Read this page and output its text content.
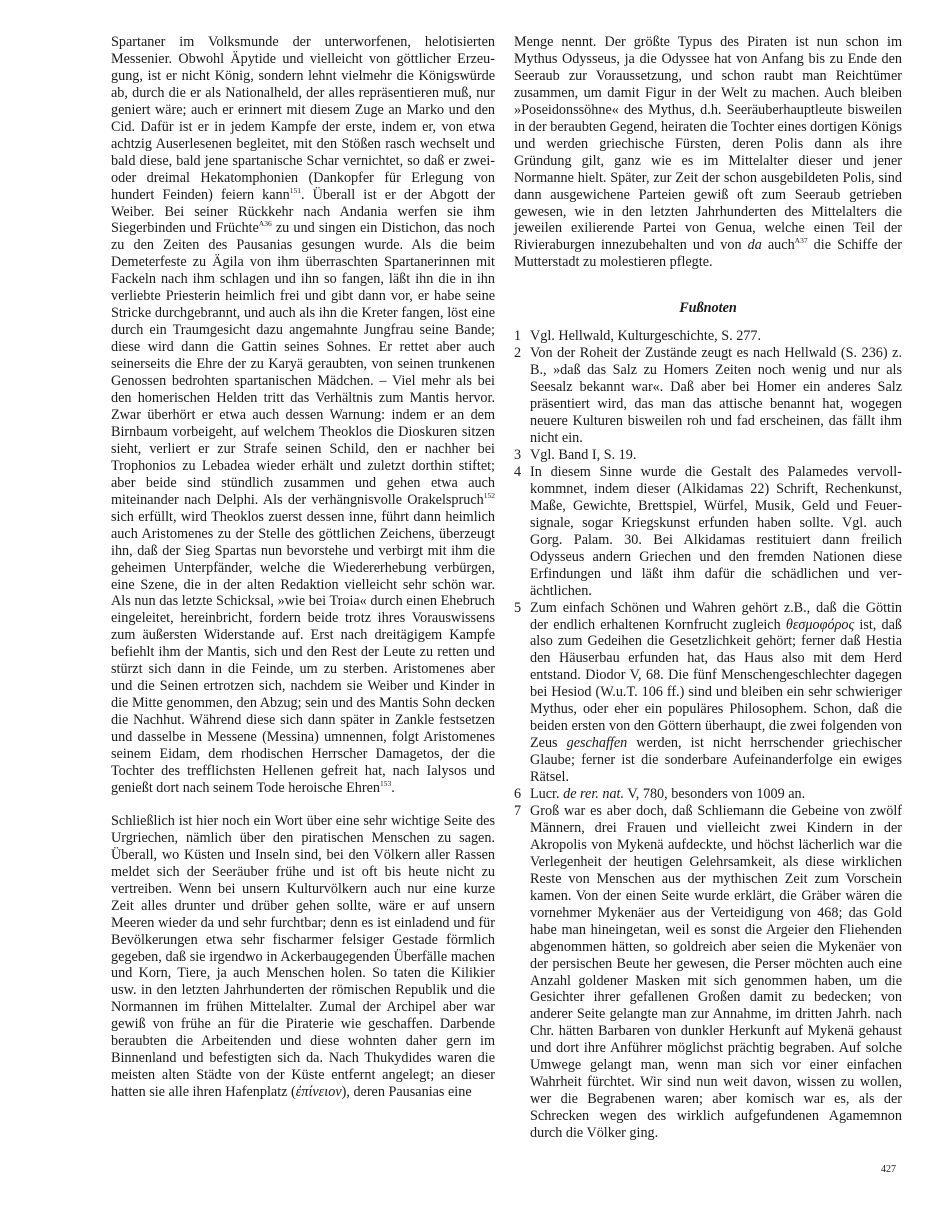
Spartaner im Volksmunde der unterworfenen, helotisierten Messenier. Obwohl Äpytide und vielleicht von göttlicher Erzeugung, ist er nicht König, sondern lehnt vielmehr die Königswürde ab, durch die er als Nationalheld, der alles repräsentieren muß, nur geniert wäre; auch er erinnert mit diesem Zuge an Marko und den Cid. Dafür ist er in jedem Kampfe der erste, indem er, von etwa achtzig Auserlesenen begleitet, mit den Stößen rasch wechselt und bald diese, bald jene spartanische Schar vernichtet, so daß er zwei- oder dreimal Hekatomphonien (Dankopfer für Erlegung von hundert Feinden) feiern kann$^{151}$. Überall ist er der Abgott der Weiber. Bei seiner Rückkehr nach Andania werfen sie ihm Siegerbinden und Früchte$^{A36}$ zu und singen ein Distichon, das noch zu den Zeiten des Pausanias gesungen wurde. Als die beim Demeterfeste zu Ägila von ihm überraschten Spartanerinnen mit Fackeln nach ihm schlagen und ihn so fangen, läßt ihn die in ihn verliebte Priesterin heimlich frei und gibt dann vor, er habe seine Stricke durchgebrannt, und auch als ihn die Kreter fangen, löst eine durch ein Traumgesicht dazu angemahnte Jungfrau seine Bande; diese wird dann die Gattin seines Sohnes. Er rettet aber auch seinerseits die Ehre der zu Karyä geraubten, von seinen trunkenen Genossen bedrohten spartanischen Mädchen. – Viel mehr als bei den homerischen Helden tritt das Verhältnis zum Mantis hervor. Zwar überhört er etwa auch dessen Warnung: indem er an dem Birnbaum vorbeigeht, auf welchem Theoklos die Dioskuren sitzen sieht, verliert er zur Strafe seinen Schild, den er nachher bei Trophonios zu Lebadea wieder erhält und zuletzt dorthin stiftet; aber beide sind stündlich zusammen und gehen etwa auch miteinander nach Delphi. Als der verhängnisvolle Orakelspruch$^{152}$ sich erfüllt, wird Theoklos zuerst dessen inne, führt dann heimlich auch Aristomenes zu der Stelle des göttlichen Zeichens, überzeugt ihn, daß der Sieg Spartas nun bevorstehe und verbirgt mit ihm die geheimen Unterpfänder, welche die Wiedererhebung verbürgen, eine Szene, die in der alten Redaktion vielleicht sehr schön war. Als nun das letzte Schicksal, »wie bei Troia« durch einen Ehebruch eingeleitet, hereinbricht, fordern beide trotz ihres Vorauswissens zum äußersten Widerstande auf. Erst nach dreitägigem Kampfe befiehlt ihm der Mantis, sich und den Rest der Leute zu retten und stürzt sich dann in die Feinde, um zu sterben. Aristomenes aber und die Seinen ertrotzen sich, nachdem sie Weiber und Kinder in die Mitte genommen, den Abzug; sein und des Mantis Sohn decken die Nachhut. Während diese sich dann später in Zankle festsetzen und dasselbe in Messene (Messina) umnennen, folgt Aristomenes seinem Eidam, dem rhodischen Herrscher Damagetos, der die Tochter des trefflichsten Hellenen gefreit hat, nach Ialysos und genießt dort nach seinem Tode heroische Ehren$^{153}$.

Schließlich ist hier noch ein Wort über eine sehr wichtige Seite des Urgriechen, nämlich über den piratischen Menschen zu sagen. Überall, wo Küsten und Inseln sind, bei den Völkern aller Rassen meldet sich der Seeräuber frühe und ist oft bis heute nicht zu vertreiben. Wenn bei unsern Kulturvölkern auch nur eine kurze Zeit alles drunter und drüber gehen sollte, wäre er auf unsern Meeren wieder da und sehr furchtbar; denn es ist einladend und für Bevölkerungen etwa sehr fischarmer felsiger Gestade förmlich gegeben, daß sie irgendwo in Ackerbaugegenden Überfälle machen und Korn, Tiere, ja auch Menschen holen. So taten die Kilikier usw. in den letzten Jahrhunderten der römischen Republik und die Normannen im frühen Mittelalter. Zumal der Archipel aber war gewiß von frühe an für die Piraterie wie geschaffen. Darbende beraubten die Arbeitenden und diese wohnten daher gern im Binnenland und befestigten sich da. Nach Thukydides waren die meisten alten Städte von der Küste entfernt angelegt; an dieser hatten sie alle ihren Hafenplatz (ἐπίνειον), deren Pausanias eine

Menge nennt. Der größte Typus des Piraten ist nun schon im Mythus Odysseus, ja die Odyssee hat von Anfang bis zu Ende den Seeraub zur Voraussetzung, und schon raubt man Reichtümer zusammen, um damit Figur in der Welt zu machen. Auch bleiben »Poseidonssöhne« des Mythus, d.h. Seeräuberhauptleute bisweilen in der beraubten Gegend, heiraten die Tochter eines dortigen Königs und werden griechische Fürsten, deren Polis dann als ihre Gründung gilt, ganz wie es im Mittelalter dieser und jener Normanne hielt. Später, zur Zeit der schon ausgebildeten Polis, sind dann ausgewichene Parteien gewiß oft zum Seeraub getrieben gewesen, wie in den letzten Jahrhunderten des Mittelalters die jeweilen exilierende Partei von Genua, welche einen Teil der Rivieraburgen innezubehalten und von da auch$^{A37}$ die Schiffe der Mutterstadt zu molestieren pflegte.

Fußnoten
1 Vgl. Hellwald, Kulturgeschichte, S. 277.
2 Von der Roheit der Zustände zeugt es nach Hellwald (S. 236) z. B., »daß das Salz zu Homers Zeiten noch wenig und nur als Seesalz bekannt war«. Daß aber bei Homer ein anderes Salz präsentiert wird, das man das attische benannt hat, wogegen neuere Kulturen bisweilen roh und fad erscheinen, das fällt ihm nicht ein.
3 Vgl. Band I, S. 19.
4 In diesem Sinne wurde die Gestalt des Palamedes vervollkommnet, indem dieser (Alkidamas 22) Schrift, Rechenkunst, Maße, Gewichte, Brettspiel, Würfel, Musik, Geld und Feuersignale, sogar Kriegskunst erfunden haben sollte. Vgl. auch Gorg. Palam. 30. Bei Alkidamas restituiert dann freilich Odysseus andern Griechen und den fremden Nationen diese Erfindungen und läßt ihm dafür die schädlichen und verächtlichen.
5 Zum einfach Schönen und Wahren gehört z.B., daß die Göttin der endlich erhaltenen Kornfrucht zugleich θεσμοφόρος ist, daß also zum Gedeihen die Gesetzlichkeit gehört; ferner daß Hestia den Häuserbau erfunden hat, das Haus also mit dem Herd entstand. Diodor V, 68. Die fünf Menschengeschlechter dagegen bei Hesiod (W.u.T. 106 ff.) sind und bleiben ein sehr schwieriger Mythus, oder eher ein populäres Philosophem. Schon, daß die beiden ersten von den Göttern überhaupt, die zwei folgenden von Zeus geschaffen werden, ist nicht herrschender griechischer Glaube; ferner ist die sonderbare Aufeinanderfolge ein ewiges Rätsel.
6 Lucr. de rer. nat. V, 780, besonders von 1009 an.
7 Groß war es aber doch, daß Schliemann die Gebeine von zwölf Männern, drei Frauen und vielleicht zwei Kindern in der Akropolis von Mykenä aufdeckte, und höchst lächerlich war die Verlegenheit der heutigen Gelehrsamkeit, als diese wirklichen Reste von Menschen aus der mythischen Zeit zum Vorschein kamen. Von der einen Seite wurde erklärt, die Gräber wären die vornehmer Mykenäer aus der Verteidigung von 468; das Gold habe man hineingetan, weil es sonst die Argeier den Fliehenden abgenommen hätten, so goldreich aber seien die Mykenäer von der persischen Beute her gewesen, die Perser möchten auch eine Anzahl goldener Masken mit sich genommen haben, um die Gesichter ihrer gefallenen Großen damit zu bedecken; von anderer Seite gelangte man zur Annahme, im dritten Jahrh. nach Chr. hätten Barbaren von dunkler Herkunft auf Mykenä gehaust und dort ihre Anführer möglichst prächtig begraben. Auf solche Umwege gelangt man, wenn man sich vor einer einfachen Wahrheit fürchtet. Wir sind nun weit davon, wissen zu wollen, wer die Begrabenen waren; aber komisch war es, als der Schrecken wegen des wirklich aufgefundenen Agamemnon durch die Völker ging.
427
